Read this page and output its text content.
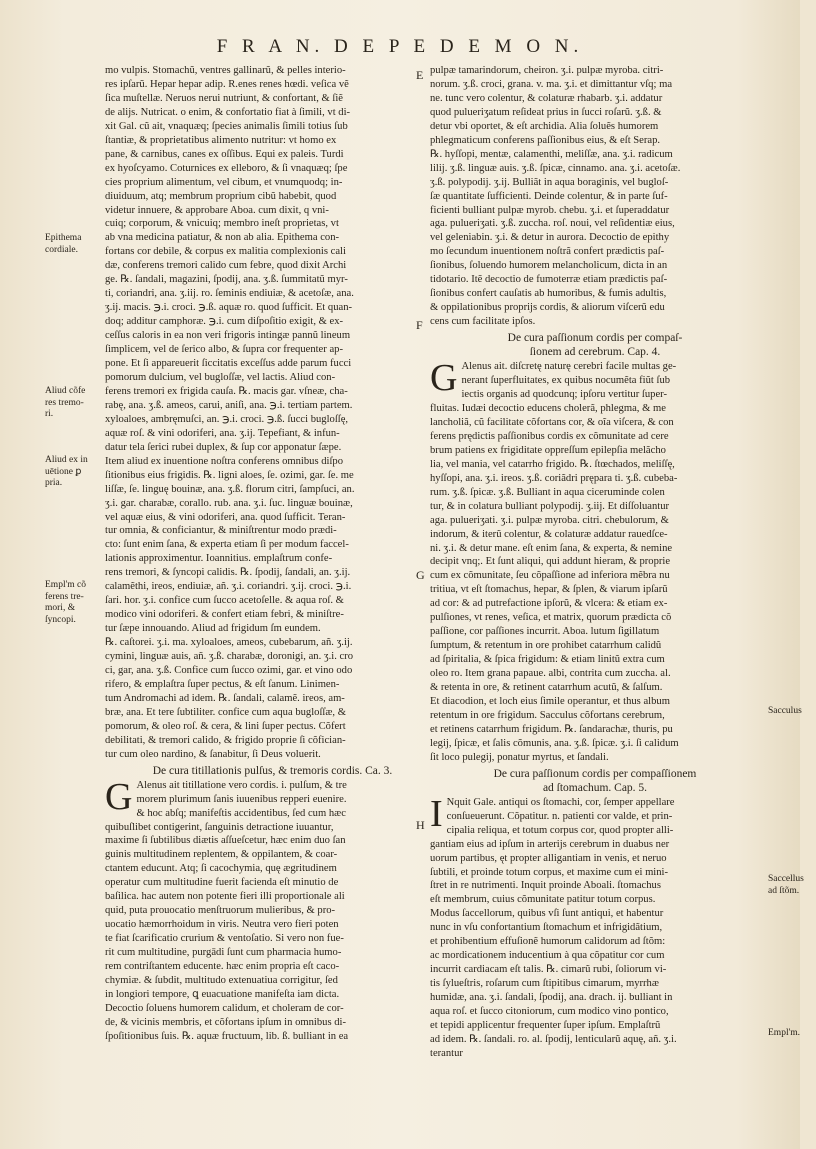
F R A N. D E P E D E M O N.

mo vulpis. Stomachũ, ventres gallinarũ, & pelles interio-
res ipſarũ. Hepar hepar adip. R.enes renes hœdi. veſica vẽ
ſica muſtellæ. Neruos nerui nutriunt, & confortant, & ſiẽ
de alijs. Nutricat. o enim, & confortatio fiat à ſimili, vt di-
xit Gal. cũ ait, vnaquæq; ſpecies animalis ſimili totius ſub
ſtantiæ, & proprietatibus alimento nutritur: vt homo ex
pane, & carnibus, canes ex oſſibus. Equi ex paleis. Turdi
ex hyoſcyamo. Coturnices ex elleboro, & ſi vnaquæq; ſpe
cies proprium alimentum, vel cibum, et vnumquodq; in-
diuiduum, atq; membrum proprium cibũ habebit, quod
videtur innuere, & approbare Aboa. cum dixit, q vni-
cuiq; corporum, & vnicuiq; membro ineſt proprietas, vt
ab vna medicina patiatur, & non ab alia. Epithema con-
fortans cor debile, & corpus ex malitia complexionis cali
dæ, conferens tremori calido cum febre, quod dixit Archi
ge. ℞. ſandali, magazini, ſpodij, ana. ʒ.ß. ſummitatũ myr-
ti, coriandri, ana. ʒ.iij. ro. ſeminis endiuiæ, & acetoſæ, ana.
ʒ.ij. macis. ℈.i. croci. ℈.ß. aquæ ro. quod ſufficit. Et quan-
doq; additur camphoræ. ℈.i. cum diſpoſitio exigit, & ex-
ceſſus caloris in ea non veri frigoris intingæ pannũ lineum
ſimplicem, vel de ſerico albo, & ſupra cor frequenter ap-
pone. Et ſi appareuerit ſiccitatis exceſſus adde parum fucci
pomorum dulcium, vel bugloſſæ, vel lactis. Aliud con-
ferens tremori ex frigida cauſa. ℞. macis gar. vſneæ, cha-
rabę, ana. ʒ.ß. ameos, carui, aniſi, ana. ℈.i. tertiam partem.
xyloaloes, ambręmuſci, an. ℈.i. croci. ℈.ß. ſucci bugloſſę,
aquæ roſ. & vini odoriferi, ana. ʒ.ij. Tepefiant, & infun-
datur tela ſerici rubei duplex, & ſup cor apponatur ſæpe.
Item aliud ex inuentione noſtra conferens omnibus diſpo
ſitionibus eius frigidis. ℞. ligni aloes, ſe. ozimi, gar. ſe. me
liſſæ, ſe. linguę bouinæ, ana. ʒ.ß. florum citri, ſampſuci, an.
ʒ.i. gar. charabæ, corallo. rub. ana. ʒ.i. ſuc. linguæ bouinæ,
vel aquæ eius, & vini odoriferi, ana. quod ſufficit. Teran-
tur omnia, & conficiantur, & miniſtrentur modo prædi-
cto: ſunt enim ſana, & experta etiam ſi per modum faccel-
lationis approximentur. Ioannitius. emplaſtrum confe-
rens tremori, & ſyncopi calidis. ℞. ſpodij, ſandali, an. ʒ.ij.
calamẽthi, ireos, endiuiæ, añ. ʒ.i. coriandri. ʒ.ij. croci. ℈.i.
ſari. hor. ʒ.i. confice cum ſucco acetoſelle. & aqua roſ. &
modico vini odoriferi. & confert etiam febri, & miniſtre-
tur ſæpe innouando. Aliud ad frigidum ſm eundem.
℞. caſtorei. ʒ.i. ma. xyloaloes, ameos, cubebarum, añ. ʒ.ij.
cymini, linguæ auis, añ. ʒ.ß. charabæ, doronigi, an. ʒ.i. cro
ci, gar, ana. ʒ.ß. Confice cum ſucco ozimi, gar. et vino odo
rifero, & emplaſtra ſuper pectus, & eſt ſanum. Linimen-
tum Andromachi ad idem. ℞. ſandali, calamẽ. ireos, am-
bræ, ana. Et tere ſubtiliter. confice cum aqua bugloſſæ, &
pomorum, & oleo roſ. & cera, & lini ſuper pectus. Cõfert
debilitati, & tremori calido, & frigido proprie ſi cõfician-
tur cum oleo nardino, & ſanabitur, ſi Deus voluerit.

De cura titillationis pulſus, & tremoris cordis. Ca. 3.

G Alenus ait titillatione vero cordis. i. pulſum, & tre
morem plurimum ſanis iuuenibus repperi euenire.
& hoc abſq; manifeſtis accidentibus, ſed cum hæc

quibuſlibet contigerint, ſanguinis detractione iuuantur,
maxime ſi ſubtilibus diætis aſſueſcetur, hæc enim duo ſan
guinis multitudinem replentem, & oppilantem, & coar-
ctantem educunt. Atq; ſi cacochymia, quę ægritudinem
operatur cum multitudine fuerit facienda eſt minutio de
baſilica. hac autem non potente fieri illi proportionale ali
quid, puta prouocatio menſtruorum mulieribus, & pro-
uocatio hæmorrhoidum in viris. Neutra vero fieri poten
te fiat ſcarificatio crurium & ventoſatio. Si vero non fue-
rit cum multitudine, purgādi ſunt cum pharmacia humo-
rem contriſtantem educente. hæc enim propria eſt caco-
chymiæ. & ſubdit, multitudo extenuatiua corrigitur, ſed
in longiori tempore, ꝗ euacuatione manifeſta iam dicta.
Decoctio ſoluens humorem calidum, et choleram de cor-
de, & vicinis membris, et cõfortans ipſum in omnibus di-
ſpoſitionibus ſuis. ℞. aquæ fructuum, lib. ß. bulliant in ea

pulpæ tamarindorum, cheiron. ʒ.i. pulpæ myroba. citri-
norum. ʒ.ß. croci, grana. v. ma. ʒ.i. et dimittantur vſq; ma
ne. tunc vero colentur, & colaturæ rhabarb. ʒ.i. addatur
quod pulueriʒatum reſideat prius in ſucci roſarũ. ʒ.ß. &
detur vbi oportet, & eſt archidia. Alia ſoluẽs humorem
phlegmaticum conferens paſſionibus eius, & eſt Serap.
℞. hyſſopi, mentæ, calamenthi, meliſſæ, ana. ʒ.i. radicum
lilij. ʒ.ß. linguæ auis. ʒ.ß. ſpicæ, cinnamo. ana. ʒ.i. acetoſæ.
ʒ.ß. polypodij. ʒ.ij. Bulliãt in aqua boraginis, vel bugloſ-
ſæ quantitate ſufficienti. Deinde colentur, & in parte ſuf-
ficienti bulliant pulpæ myrob. chebu. ʒ.i. et ſuperaddatur
aga. pulueriʒati. ʒ.ß. zuccha. roſ. noui, vel reſidentiæ eius,
vel geleniabin. ʒ.i. & detur in aurora. Decoctio de epithy
mo ſecundum inuentionem noſtrã confert prædictis paſ-
ſionibus, ſoluendo humorem melancholicum, dicta in an
tidotario. Itẽ decoctio de fumoterræ etiam prædictis paſ-
ſionibus confert cauſatis ab humoribus, & fumis adultis,
& oppilationibus proprijs cordis, & aliorum viſcerũ edu
cens cum facilitate ipſos.

De cura paſſionum cordis per compaſ-
ſionem ad cerebrum. Cap. 4.

G Alenus ait. diſcretę naturę cerebri facile multas ge-
nerant ſuperfluitates, ex quibus nocumẽta fiũt ſub
iectis organis ad quodcunq; ipſoru vertitur ſuper-

fluitas. Iudæi decoctio educens cholerã, phlegma, & me
lancholiã, cũ facilitate cõfortans cor, & oĩa viſcera, & con
ferens prędictis paſſionibus cordis ex cõmunitate ad cere
brum patiens ex frigiditate oppreſſum epilepſia melãcho
lia, vel mania, vel catarrho frigido. ℞. ſtœchados, meliſſę,
hyſſopi, ana. ʒ.i. ireos. ʒ.ß. coriãdri prępara ti. ʒ.ß. cubeba-
rum. ʒ.ß. ſpicæ. ʒ.ß. Bulliant in aqua ciceruminde colen
tur, & in colatura bulliant polypodij. ʒ.iij. Et diſſoluantur
aga. pulueriʒati. ʒ.i. pulpæ myroba. citri. chebulorum, &
indorum, & iterũ colentur, & colaturæ addatur rauedſce-
ni. ʒ.i. & detur mane. eſt enim ſana, & experta, & nemine
decipit vnq;. Et ſunt aliqui, qui addunt hieram, & proprie
cum ex cõmunitate, ſeu cõpaſſione ad inferiora mẽbra nu
tritiua, vt eſt ſtomachus, hepar, & ſplen, & viarum ipſarũ
ad cor: & ad putrefactione ipſorũ, & vlcera: & etiam ex-
pulſiones, vt renes, veſica, et matrix, quorum prædicta cõ
paſſione, cor paſſiones incurrit. Aboa. lutum ſigillatum
ſumptum, & retentum in ore prohibet catarrhum calidũ
ad ſpiritalia, & ſpica frigidum: & etiam linitũ extra cum
oleo ro. Item grana papaue. albi, contrita cum zuccha. al.
& retenta in ore, & retinent catarrhum acutũ, & ſalſum.
Et diacodion, et loch eius ſimile operantur, et thus album
retentum in ore frigidum. Sacculus cõfortans cerebrum,
et retinens catarrhum frigidum. ℞. ſandarachæ, thuris, pu
legij, ſpicæ, et ſalis cõmunis, ana. ʒ.ß. ſpicæ. ʒ.i. ſi calidum
ſit loco pulegij, ponatur myrtus, et ſandali.

De cura paſſionum cordis per compaſſionem
ad ſtomachum. Cap. 5.

I Nquit Gale. antiqui os ſtomachi, cor, ſemper appellare
conſueuerunt. Cõpatitur. n. patienti cor valde, et prin-
cipalia reliqua, et totum corpus cor, quod propter alli-

gantiam eius ad ipſum in arterijs cerebrum in duabus ner
uorum partibus, ęt propter alligantiam in venis, et neruo
ſubtili, et proinde totum corpus, et maxime cum ei mini-
ſtret in re nutrimenti. Inquit proinde Aboali. ſtomachus
eſt membrum, cuius cõmunitate patitur totum corpus.
Modus ſaccellorum, quibus vſi ſunt antiqui, et habentur
nunc in vſu confortantium ſtomachum et infrigidãtium,
et prohibentium effuſionẽ humorum calidorum ad ſtõm:
ac mordicationem inducentium à qua cõpatitur cor cum
incurrit cardiacam eſt talis. ℞. cimarũ rubi, ſoliorum vi-
tis ſylueſtris, roſarum cum ſtipitibus cimarum, myrrhæ
humidæ, ana. ʒ.i. ſandali, ſpodij, ana. drach. ij. bulliant in
aqua roſ. et ſucco citoniorum, cum modico vino pontico,
et tepidi applicentur frequenter ſuper ipſum. Emplaſtrũ
ad idem. ℞. ſandali. ro. al. ſpodij, lenticularũ aquę, añ. ʒ.i.
terantur

Epithema
cordiale.
Aliud cõfe
res tremo-
ri.
Aliud ex in
uētione ꝑ
pria.
Empl'm cõ
ferens tre-
mori, &
ſyncopi.
Sacculus
Saccellus
ad ſtõm.
Empl'm.
E
F
G
H
